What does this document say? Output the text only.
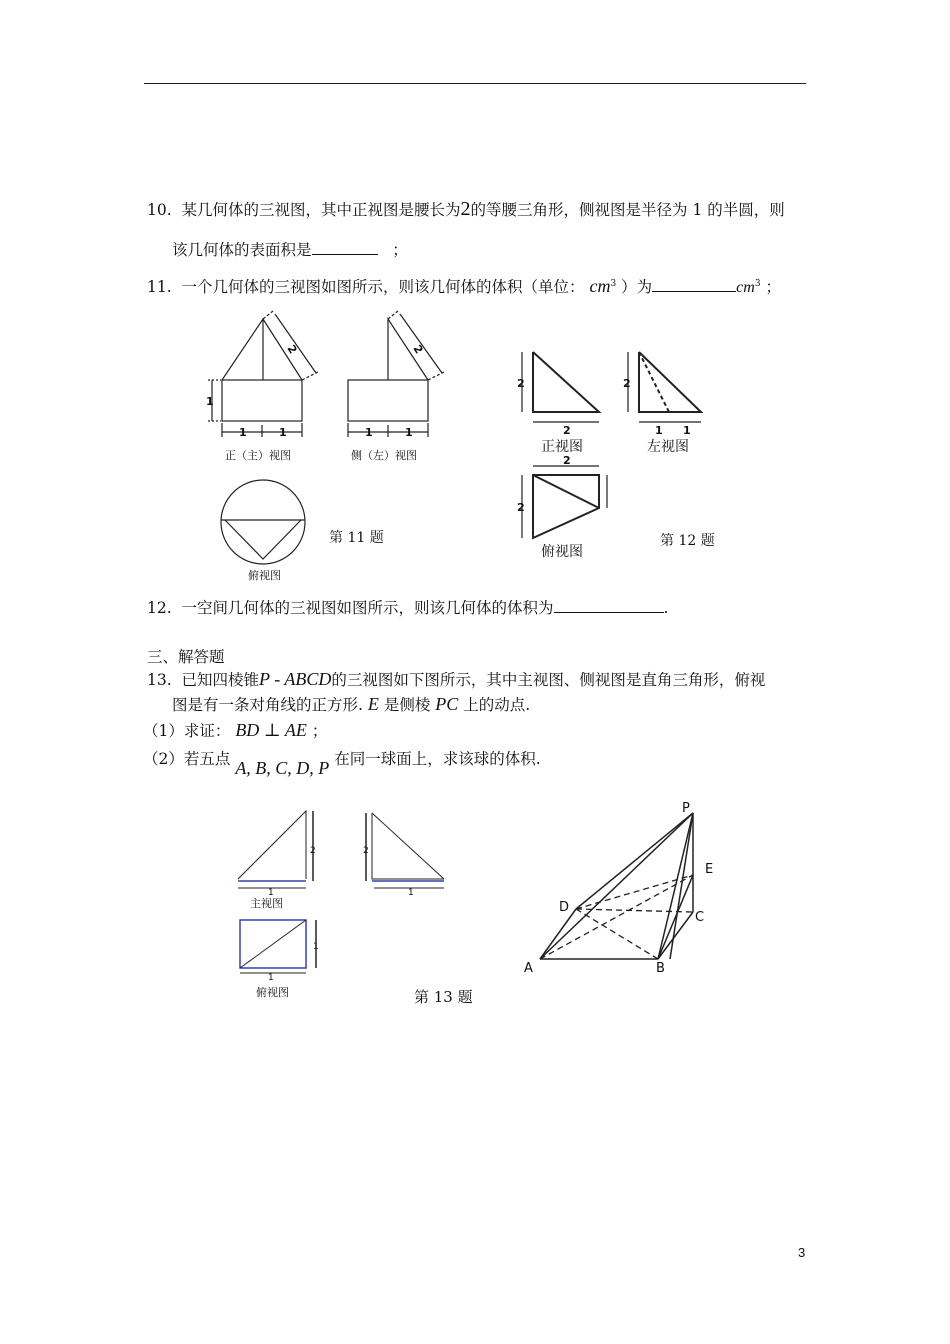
10. 某几何体的三视图，其中正视图是腰长为2的等腰三角形，侧视图是半径为 1 的半圆，则
该几何体的表面积是	；
11. 一个几何体的三视图如图所示，则该几何体的体积（单位： $cm^3$ ）为	$cm^3$ ；
2	2
1
1	1	1	1
正（主）视图	侧（左）视图
俯视图
第 11 题
2
2
2
1 1
2
2
正视图	左视图
俯视图
第 12 题
12. 一空间几何体的三视图如图所示，则该几何体的体积为	.
三、解答题
13. 已知四棱锥P - ABCD的三视图如下图所示，其中主视图、侧视图是直角三角形，俯视
图是有一条对角线的正方形. E 是侧棱 PC 上的动点.
（1）求证： BD ⊥ AE ；
（2）若五点 A, B, C, D, P 在同一球面上，求该球的体积.
2	2
1	1
1
1
主视图
俯视图	第 13 题
P
E
D
C
A	B
3
